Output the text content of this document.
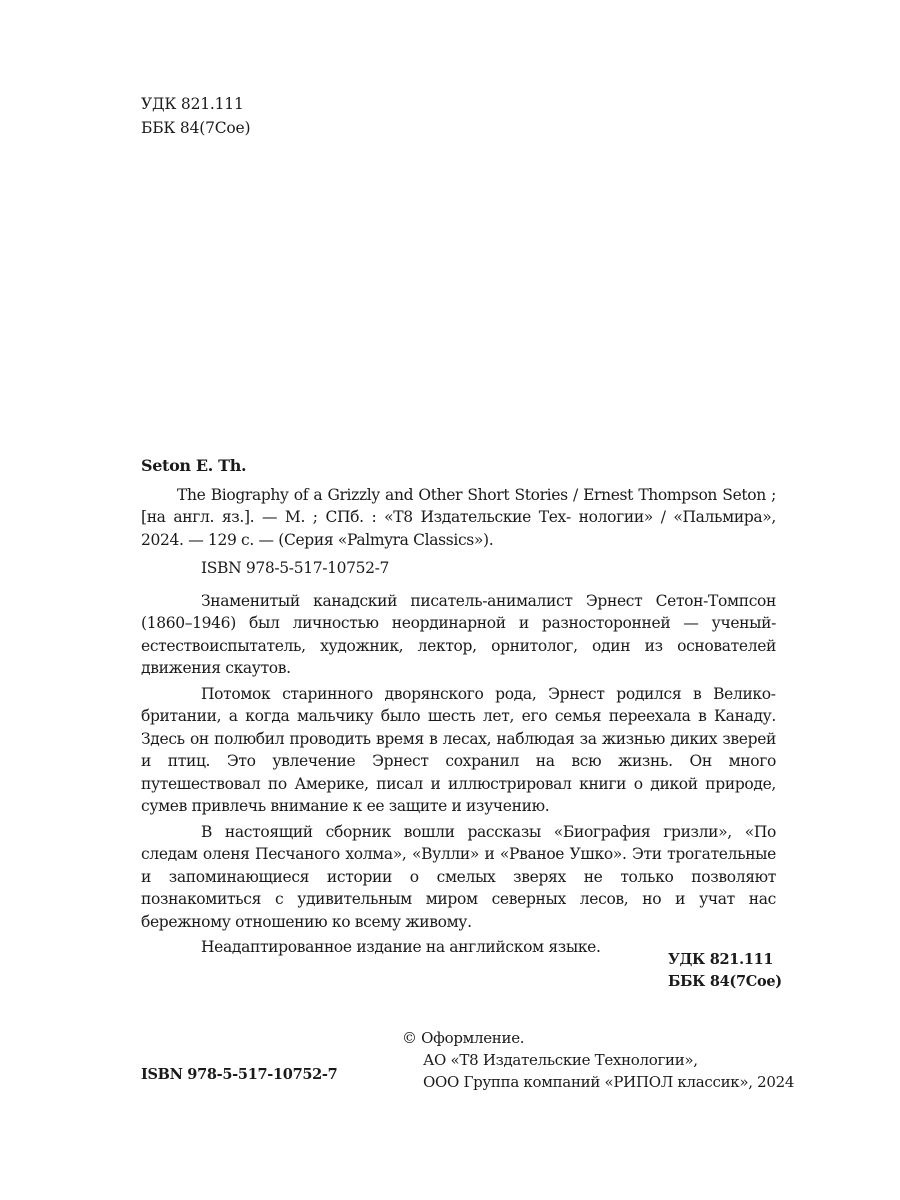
УДК 821.111
ББК 84(7Сое)
Seton E. Th.

The Biography of a Grizzly and Other Short Stories / Ernest Thompson Seton ; [на англ. яз.]. — М. ; СПб. : «Т8 Издательские Тех- нологии» / «Пальмира», 2024. — 129 с. — (Серия «Palmyra Classics»).

ISBN 978-5-517-10752-7

Знаменитый канадский писатель-анималист Эрнест Сетон-Томпсон (1860–1946) был личностью неординарной и разносторонней — ученый-естествоиспытатель, художник, лектор, орнитолог, один из основателей движения скаутов.

Потомок старинного дворянского рода, Эрнест родился в Великобритании, а когда мальчику было шесть лет, его семья переехала в Канаду. Здесь он полюбил проводить время в лесах, наблюдая за жизнью диких зверей и птиц. Это увлечение Эрнест сохранил на всю жизнь. Он много путешествовал по Америке, писал и иллюстрировал книги о дикой природе, сумев привлечь внимание к ее защите и изучению.

В настоящий сборник вошли рассказы «Биография гризли», «По следам оленя Песчаного холма», «Вулли» и «Рваное Ушко». Эти трогательные и запоминающиеся истории о смелых зверях не только позволяют познакомиться с удивительным миром северных лесов, но и учат нас бережному отношению ко всему живому.

Неадаптированное издание на английском языке.

УДК 821.111
ББК 84(7Сое)
© Оформление.
АО «Т8 Издательские Технологии»,
ООО Группа компаний «РИПОЛ классик», 2024
ISBN 978-5-517-10752-7
